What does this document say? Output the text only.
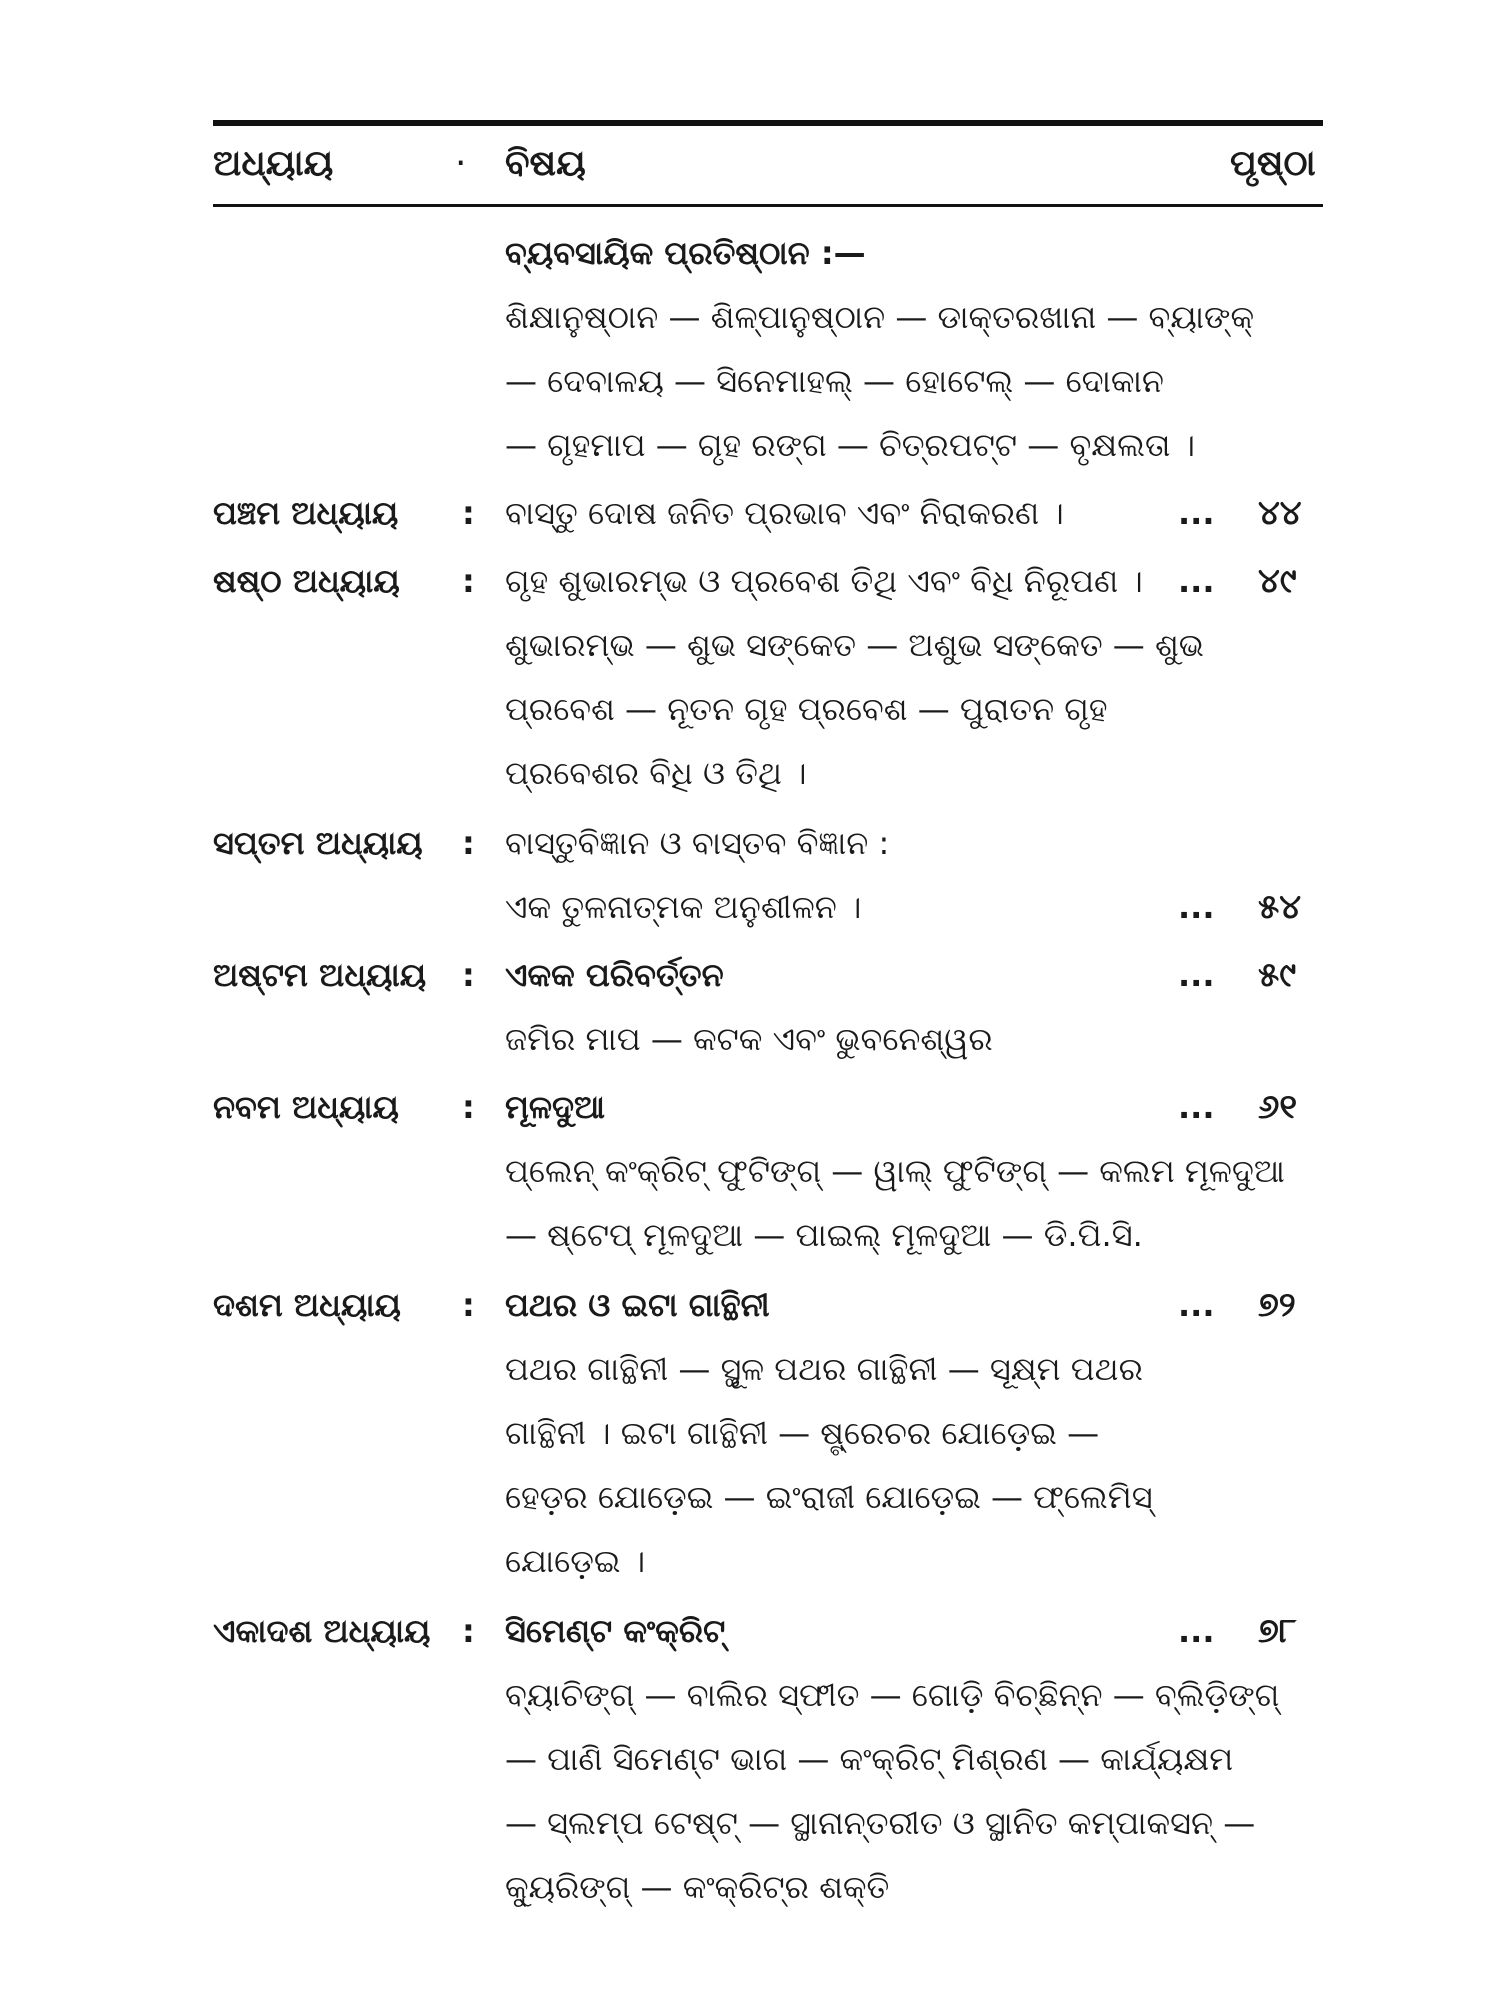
ଅଧ୍ୟାୟ	· ବିଷୟ	ପୃଷ୍ଠା
ବ୍ୟବସାୟିକ ପ୍ରତିଷ୍ଠାନ :—
ଶିକ୍ଷାନୁଷ୍ଠାନ — ଶିଳ୍ପାନୁଷ୍ଠାନ — ଡାକ୍ତରଖାନା — ବ୍ୟାଙ୍କ୍
— ଦେବାଳୟ — ସିନେମାହଲ୍ — ହୋଟେଲ୍ — ଦୋକାନ
— ଗୃହମାପ — ଗୃହ ରଙ୍ଗ — ଚିତ୍ରପଟ୍ଟ — ବୃକ୍ଷଲତା ।
ପଞ୍ଚମ ଅଧ୍ୟାୟ : ବାସ୍ତୁ ଦୋଷ ଜନିତ ପ୍ରଭାବ ଏବଂ ନିରାକରଣ ।	... ୪୪
ଷଷ୍ଠ ଅଧ୍ୟାୟ : ଗୃହ ଶୁଭାରମ୍ଭ ଓ ପ୍ରବେଶ ତିଥି ଏବଂ ବିଧି ନିରୂପଣ । ... ୪୯
ଶୁଭାରମ୍ଭ — ଶୁଭ ସଙ୍କେତ — ଅଶୁଭ ସଙ୍କେତ — ଶୁଭ
ପ୍ରବେଶ — ନୂତନ ଗୃହ ପ୍ରବେଶ — ପୁରାତନ ଗୃହ
ପ୍ରବେଶର ବିଧି ଓ ତିଥି ।
ସପ୍ତମ ଅଧ୍ୟାୟ : ବାସ୍ତୁବିଜ୍ଞାନ ଓ ବାସ୍ତବ ବିଜ୍ଞାନ :
ଏକ ତୁଳନାତ୍ମକ ଅନୁଶୀଳନ ।	... ୫୪
ଅଷ୍ଟମ ଅଧ୍ୟାୟ : ଏକକ ପରିବର୍ତ୍ତନ	... ୫୯
ଜମିର ମାପ — କଟକ ଏବଂ ଭୁବନେଶ୍ୱର
ନବମ ଅଧ୍ୟାୟ : ମୂଳଦୁଆ	... ୬୧
ପ୍ଲେନ୍ କଂକ୍ରିଟ୍ ଫୁଟିଙ୍ଗ୍ — ୱାଲ୍ ଫୁଟିଙ୍ଗ୍ — କଲମ ମୂଳଦୁଆ
— ଷ୍ଟେପ୍ ମୂଳଦୁଆ — ପାଇଲ୍ ମୂଳଦୁଆ — ଡି.ପି.ସି.
ଦଶମ ଅଧ୍ୟାୟ : ପଥର ଓ ଇଟା ଗାନ୍ଥିନୀ	... ୭୨
ପଥର ଗାନ୍ଥିନୀ — ସ୍ଥୂଳ ପଥର ଗାନ୍ଥିନୀ — ସୂକ୍ଷ୍ମ ପଥର
ଗାନ୍ଥିନୀ । ଇଟା ଗାନ୍ଥିନୀ — ଷ୍ଟ୍ରେଚର ଯୋଡ଼େଇ —
ହେଡ଼ର ଯୋଡ଼େଇ — ଇଂରାଜୀ ଯୋଡ଼େଇ — ଫ୍ଲେମିସ୍
ଯୋଡ଼େଇ ।
ଏକାଦଶ ଅଧ୍ୟାୟ : ସିମେଣ୍ଟ କଂକ୍ରିଟ୍	... ୭୮
ବ୍ୟାଚିଙ୍ଗ୍ — ବାଲିର ସ୍ଫୀତ — ଗୋଡ଼ି ବିଚ୍ଛିନ୍ନ — ବ୍ଲିଡ଼ିଙ୍ଗ୍
— ପାଣି ସିମେଣ୍ଟ ଭାଗ — କଂକ୍ରିଟ୍ ମିଶ୍ରଣ — କାର୍ଯ୍ୟକ୍ଷମ
— ସ୍ଲମ୍ପ ଟେଷ୍ଟ୍ — ସ୍ଥାନାନ୍ତରୀତ ଓ ସ୍ଥାନିତ କମ୍ପାକସନ୍ —
କ୍ୟୁରିଙ୍ଗ୍ — କଂକ୍ରିଟ୍ର ଶକ୍ତି
